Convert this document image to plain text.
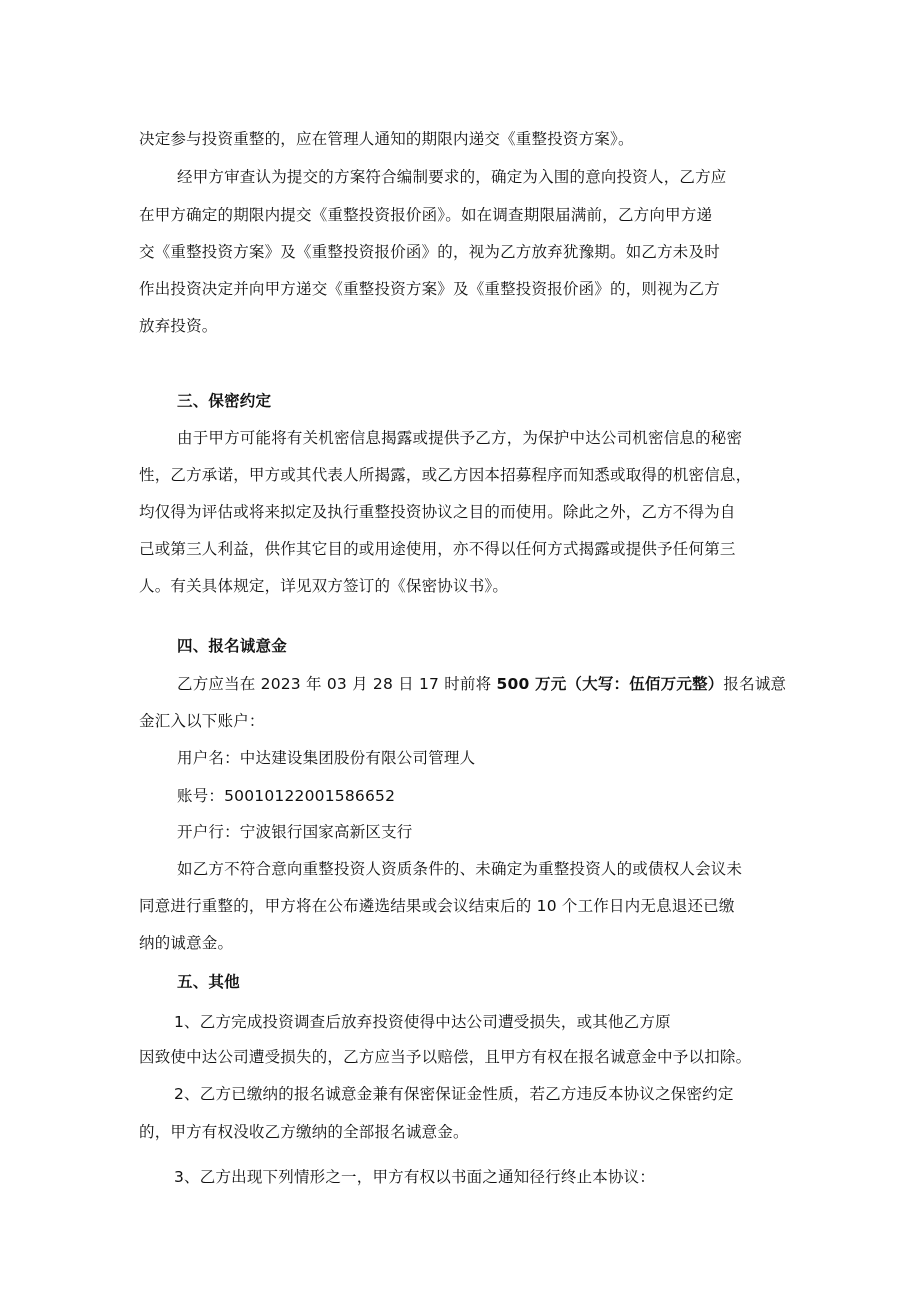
决定参与投资重整的，应在管理人通知的期限内递交《重整投资方案》。
经甲方审查认为提交的方案符合编制要求的，确定为入围的意向投资人，乙方应
在甲方确定的期限内提交《重整投资报价函》。如在调查期限届满前，乙方向甲方递
交《重整投资方案》及《重整投资报价函》的，视为乙方放弃犹豫期。如乙方未及时
作出投资决定并向甲方递交《重整投资方案》及《重整投资报价函》的，则视为乙方
放弃投资。
三、保密约定
由于甲方可能将有关机密信息揭露或提供予乙方，为保护中达公司机密信息的秘密
性，乙方承诺，甲方或其代表人所揭露，或乙方因本招募程序而知悉或取得的机密信息，
均仅得为评估或将来拟定及执行重整投资协议之目的而使用。除此之外，乙方不得为自
己或第三人利益，供作其它目的或用途使用，亦不得以任何方式揭露或提供予任何第三
人。有关具体规定，详见双方签订的《保密协议书》。
四、报名诚意金
乙方应当在 2023 年 03 月 28 日 17 时前将 500 万元（大写：伍佰万元整）报名诚意
金汇入以下账户：
用户名：中达建设集团股份有限公司管理人
账号：50010122001586652
开户行：宁波银行国家高新区支行
如乙方不符合意向重整投资人资质条件的、未确定为重整投资人的或债权人会议未
同意进行重整的，甲方将在公布遴选结果或会议结束后的 10 个工作日内无息退还已缴
纳的诚意金。
五、其他
1、乙方完成投资调查后放弃投资使得中达公司遭受损失，或其他乙方原
因致使中达公司遭受损失的，乙方应当予以赔偿，且甲方有权在报名诚意金中予以扣除。
2、乙方已缴纳的报名诚意金兼有保密保证金性质，若乙方违反本协议之保密约定
的，甲方有权没收乙方缴纳的全部报名诚意金。
3、乙方出现下列情形之一，甲方有权以书面之通知径行终止本协议：
